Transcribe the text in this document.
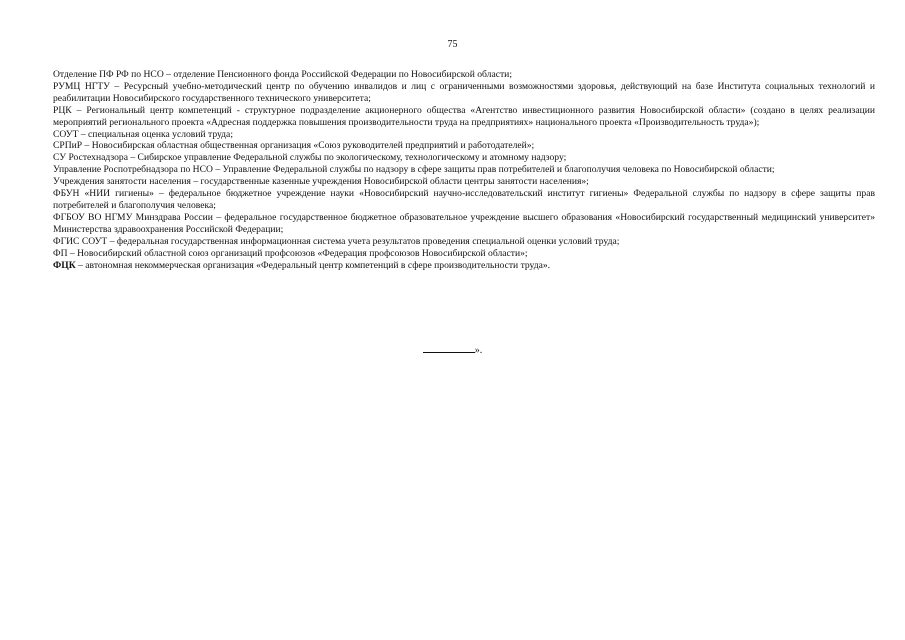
75

Отделение ПФ РФ по НСО – отделение Пенсионного фонда Российской Федерации по Новосибирской области;

РУМЦ НГТУ – Ресурсный учебно-методический центр по обучению инвалидов и лиц с ограниченными возможностями здоровья, действующий на базе Института социальных технологий и реабилитации Новосибирского государственного технического университета;

РЦК – Региональный центр компетенций - структурное подразделение акционерного общества «Агентство инвестиционного развития Новосибирской области» (создано в целях реализации мероприятий регионального проекта «Адресная поддержка повышения производительности труда на предприятиях» национального проекта «Производительность труда»);

СОУТ – специальная оценка условий труда;

СРПиР – Новосибирская областная общественная организация «Союз руководителей предприятий и работодателей»;

СУ Ростехнадзора – Сибирское управление Федеральной службы по экологическому, технологическому и атомному надзору;

Управление Роспотребнадзора по НСО – Управление Федеральной службы по надзору в сфере защиты прав потребителей и благополучия человека по Новосибирской области;

Учреждения занятости населения – государственные казенные учреждения Новосибирской области центры занятости населения»;

ФБУН «НИИ гигиены» – федеральное бюджетное учреждение науки «Новосибирский научно-исследовательский институт гигиены» Федеральной службы по надзору в сфере защиты прав потребителей и благополучия человека;

ФГБОУ ВО НГМУ Минздрава России – федеральное государственное бюджетное образовательное учреждение высшего образования «Новосибирский государственный медицинский университет» Министерства здравоохранения Российской Федерации;

ФГИС СОУТ – федеральная государственная информационная система учета результатов проведения специальной оценки условий труда;

ФП – Новосибирский областной союз организаций профсоюзов «Федерация профсоюзов Новосибирской области»;

ФЦК – автономная некоммерческая организация «Федеральный центр компетенций в сфере производительности труда».

».
